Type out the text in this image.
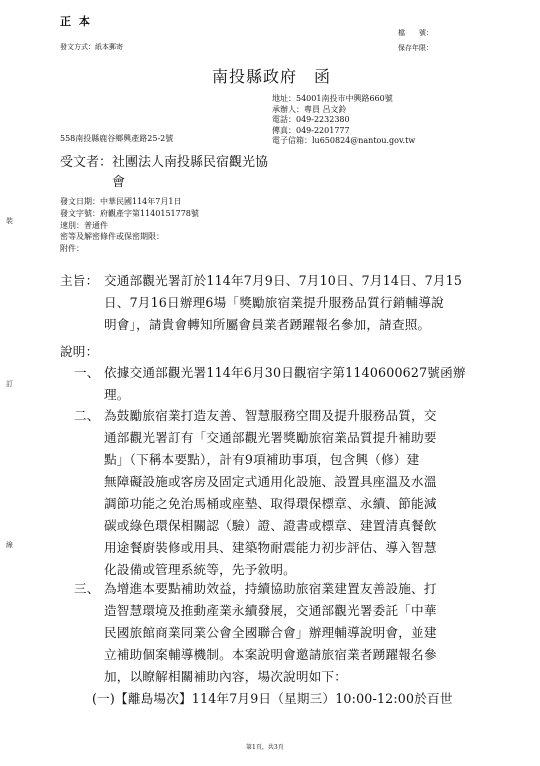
正 本
發文方式：紙本郵寄
檔　　號：
保存年限：
南投縣政府　函
地址：54001南投市中興路660號
承辦人：專員 呂文鈴
電話：049-2232380
傳真：049-2201777
電子信箱：lu650824@nantou.gov.tw
558南投縣鹿谷鄉興產路25-2號
受文者：社團法人南投縣民宿觀光協
會
發文日期：中華民國114年7月1日
發文字號：府觀產字第1140151778號
速別：普通件
密等及解密條件或保密期限：
附件：
主旨： 交通部觀光署訂於114年7月9日、7月10日、7月14日、7月15
日、7月16日辦理6場「獎勵旅宿業提升服務品質行銷輔導說
明會」，請貴會轉知所屬會員業者踴躍報名參加，請查照。
說明：
一、 依據交通部觀光署114年6月30日觀宿字第1140600627號函辦
理。
二、 為鼓勵旅宿業打造友善、智慧服務空間及提升服務品質，交
通部觀光署訂有「交通部觀光署獎勵旅宿業品質提升補助要
點」（下稱本要點），計有9項補助事項，包含興（修）建
無障礙設施或客房及固定式通用化設施、設置具座溫及水溫
調節功能之免治馬桶或座墊、取得環保標章、永續、節能減
碳或綠色環保相關認（驗）證、證書或標章、建置清真餐飲
用途餐廚裝修或用具、建築物耐震能力初步評估、導入智慧
化設備或管理系統等，先予敘明。
三、 為增進本要點補助效益，持續協助旅宿業建置友善設施、打
造智慧環境及推動產業永續發展，交通部觀光署委託「中華
民國旅館商業同業公會全國聯合會」辦理輔導說明會，並建
立補助個案輔導機制。本案說明會邀請旅宿業者踴躍報名參
加，以瞭解相關補助內容，場次說明如下：
(一)【離島場次】114年7月9日（星期三）10:00-12:00於百世
裝
訂
線
第1頁，共3頁
